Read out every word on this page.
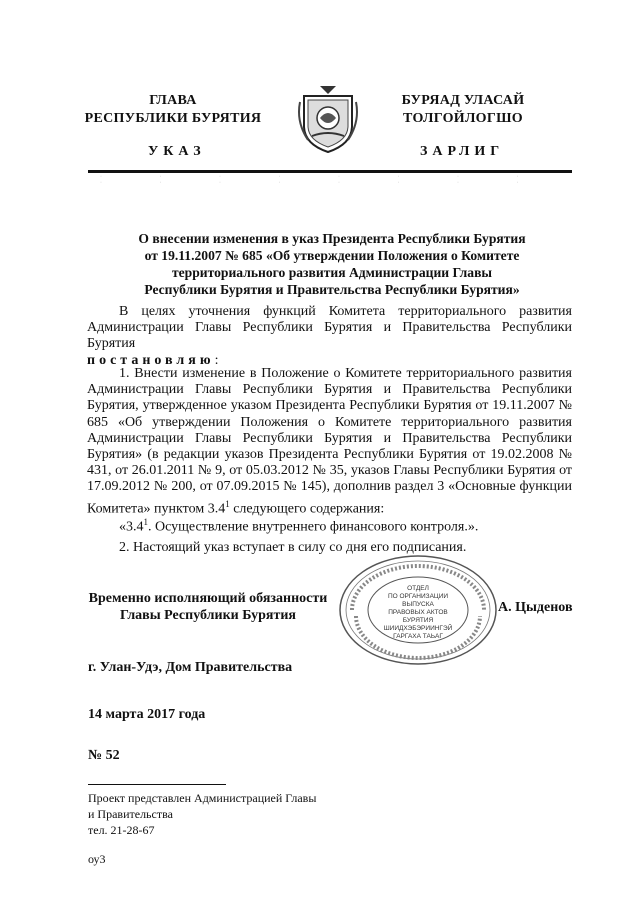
ГЛАВА
РЕСПУБЛИКИ БУРЯТИЯ
БУРЯАД УЛАСАЙ
ТОЛГОЙЛОГШО
УКАЗ	ЗАРЛИГ
· · · · · · · · · · · · · · · ·
О внесении изменения в указ Президента Республики Бурятия
от 19.11.2007 № 685 «Об утверждении Положения о Комитете
территориального развития Администрации Главы
Республики Бурятия и Правительства Республики Бурятия»

В целях уточнения функций Комитета территориального развития Администрации Главы Республики Бурятия и Правительства Республики Бурятия
постановляю:

1. Внести изменение в Положение о Комитете территориального развития Администрации Главы Республики Бурятия и Правительства Республики Бурятия, утвержденное указом Президента Республики Бурятия от 19.11.2007 № 685 «Об утверждении Положения о Комитете территориального развития Администрации Главы Республики Бурятия и Правительства Республики Бурятия» (в редакции указов Президента Республики Бурятия от 19.02.2008 № 431, от 26.01.2011 № 9, от 05.03.2012 № 35, указов Главы Республики Бурятия от 17.09.2012 № 200, от 07.09.2015 № 145), дополнив раздел 3 «Основные функции Комитета» пунктом $3.4^1$ следующего содержания:

«$3.4^1$. Осуществление внутреннего финансового контроля.».

2. Настоящий указ вступает в силу со дня его подписания.

Временно исполняющий обязанности
Главы Республики Бурятия
ОТДЕЛ
ПО ОРГАНИЗАЦИИ
ВЫПУСКА
ПРАВОВЫХ АКТОВ
БУРЯТИЯ
ШИИДХЭБЭРИИНГЭЙ
ГАРГАХА ТАЬАГ
А. Цыденов
г. Улан-Удэ, Дом Правительства
14 марта 2017 года
№ 52
Проект представлен Администрацией Главы
и Правительства
тел. 21-28-67
оу3
